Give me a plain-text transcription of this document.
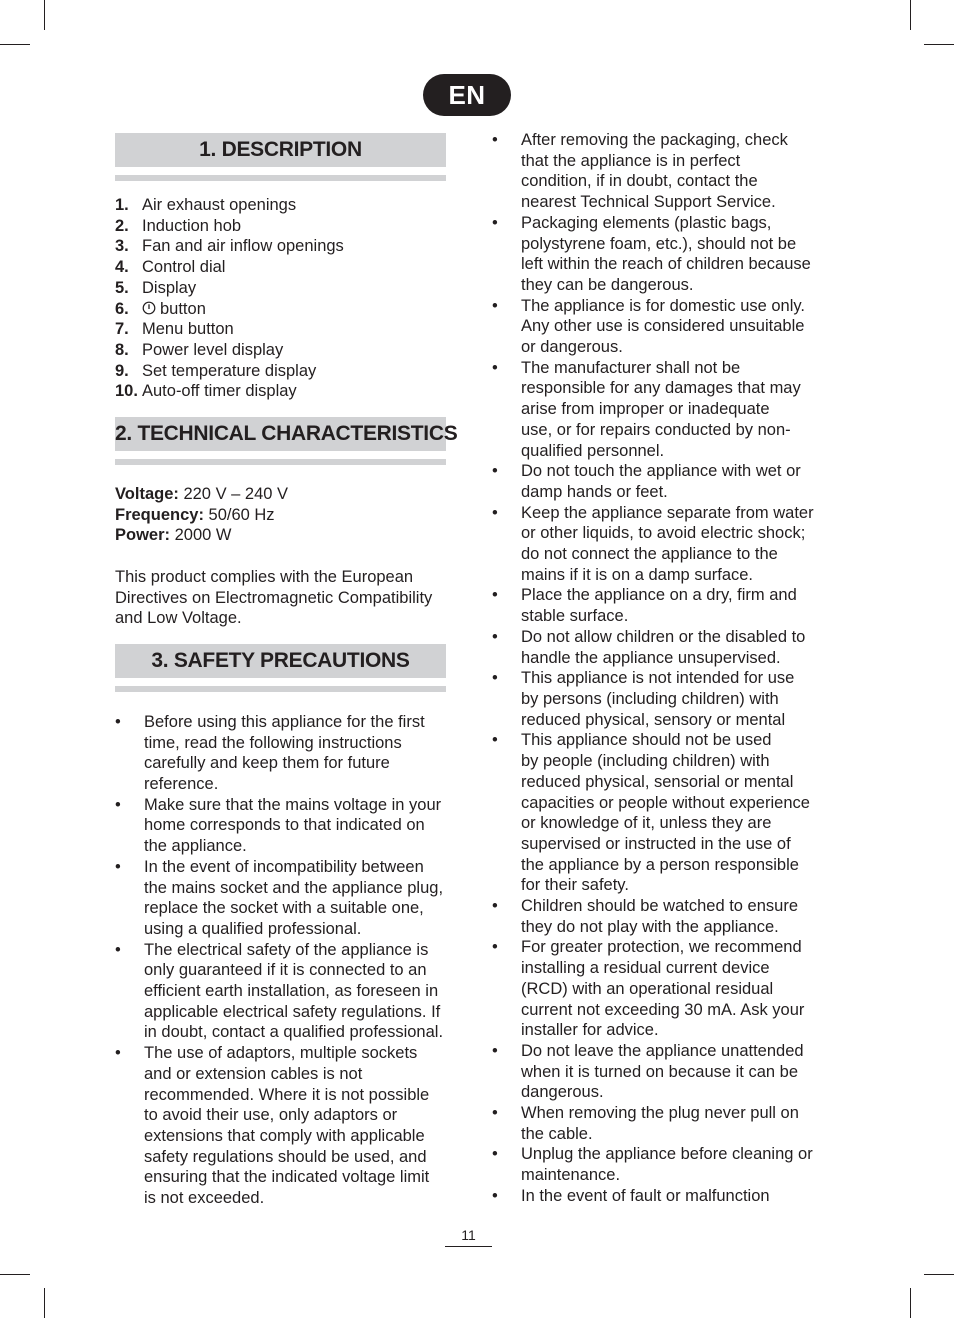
EN
1. DESCRIPTION
1. Air exhaust openings
2. Induction hob
3. Fan and air inflow openings
4. Control dial
5. Display
6. button
7. Menu button
8. Power level display
9. Set temperature display
10. Auto-off timer display
2. TECHNICAL CHARACTERISTICS

Voltage: 220 V – 240 V

Frequency: 50/60 Hz

Power: 2000 W

This product complies with the European

Directives on Electromagnetic Compatibility

and Low Voltage.

3. SAFETY PRECAUTIONS
• Before using this appliance for the first
time, read the following instructions
carefully and keep them for future
reference.
• Make sure that the mains voltage in your
home corresponds to that indicated on
the appliance.
• In the event of incompatibility between
the mains socket and the appliance plug,
replace the socket with a suitable one,
using a qualified professional.
• The electrical safety of the appliance is
only guaranteed if it is connected to an
efficient earth installation, as foreseen in
applicable electrical safety regulations. If
in doubt, contact a qualified professional.
• The use of adaptors, multiple sockets
and or extension cables is not
recommended. Where it is not possible
to avoid their use, only adaptors or
extensions that comply with applicable
safety regulations should be used, and
ensuring that the indicated voltage limit
is not exceeded.
• After removing the packaging, check
that the appliance is in perfect
condition, if in doubt, contact the
nearest Technical Support Service.
• Packaging elements (plastic bags,
polystyrene foam, etc.), should not be
left within the reach of children because
they can be dangerous.
• The appliance is for domestic use only.
Any other use is considered unsuitable
or dangerous.
• The manufacturer shall not be
responsible for any damages that may
arise from improper or inadequate
use, or for repairs conducted by non-
qualified personnel.
• Do not touch the appliance with wet or
damp hands or feet.
• Keep the appliance separate from water
or other liquids, to avoid electric shock;
do not connect the appliance to the
mains if it is on a damp surface.
• Place the appliance on a dry, firm and
stable surface.
• Do not allow children or the disabled to
handle the appliance unsupervised.
• This appliance is not intended for use
by persons (including children) with
reduced physical, sensory or mental
• This appliance should not be used
by people (including children) with
reduced physical, sensorial or mental
capacities or people without experience
or knowledge of it, unless they are
supervised or instructed in the use of
the appliance by a person responsible
for their safety.
• Children should be watched to ensure
they do not play with the appliance.
• For greater protection, we recommend
installing a residual current device
(RCD) with an operational residual
current not exceeding 30 mA. Ask your
installer for advice.
• Do not leave the appliance unattended
when it is turned on because it can be
dangerous.
• When removing the plug never pull on
the cable.
• Unplug the appliance before cleaning or
maintenance.
• In the event of fault or malfunction
11
